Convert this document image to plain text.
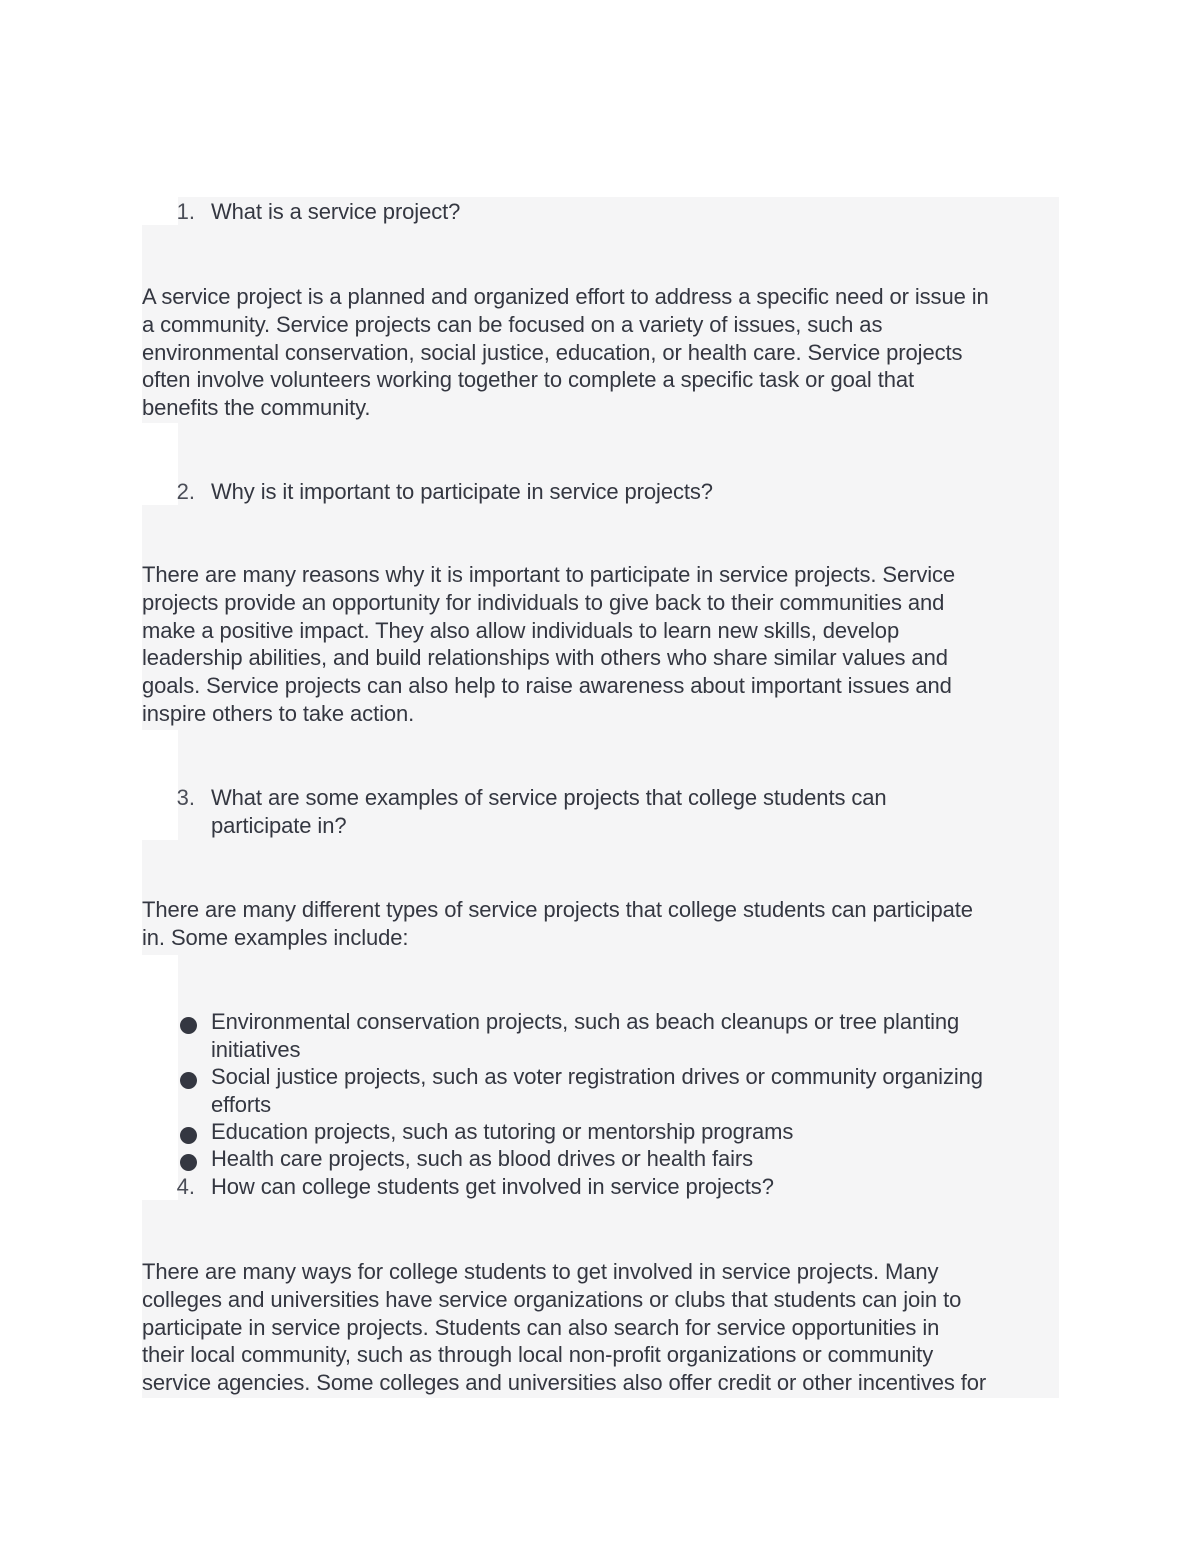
1. What is a service project?
A service project is a planned and organized effort to address a specific need or issue in
a community. Service projects can be focused on a variety of issues, such as
environmental conservation, social justice, education, or health care. Service projects
often involve volunteers working together to complete a specific task or goal that
benefits the community.
2. Why is it important to participate in service projects?
There are many reasons why it is important to participate in service projects. Service
projects provide an opportunity for individuals to give back to their communities and
make a positive impact. They also allow individuals to learn new skills, develop
leadership abilities, and build relationships with others who share similar values and
goals. Service projects can also help to raise awareness about important issues and
inspire others to take action.
3. What are some examples of service projects that college students can
participate in?
There are many different types of service projects that college students can participate
in. Some examples include:
Environmental conservation projects, such as beach cleanups or tree planting
initiatives
Social justice projects, such as voter registration drives or community organizing
efforts
Education projects, such as tutoring or mentorship programs
Health care projects, such as blood drives or health fairs
4. How can college students get involved in service projects?
There are many ways for college students to get involved in service projects. Many
colleges and universities have service organizations or clubs that students can join to
participate in service projects. Students can also search for service opportunities in
their local community, such as through local non-profit organizations or community
service agencies. Some colleges and universities also offer credit or other incentives for
